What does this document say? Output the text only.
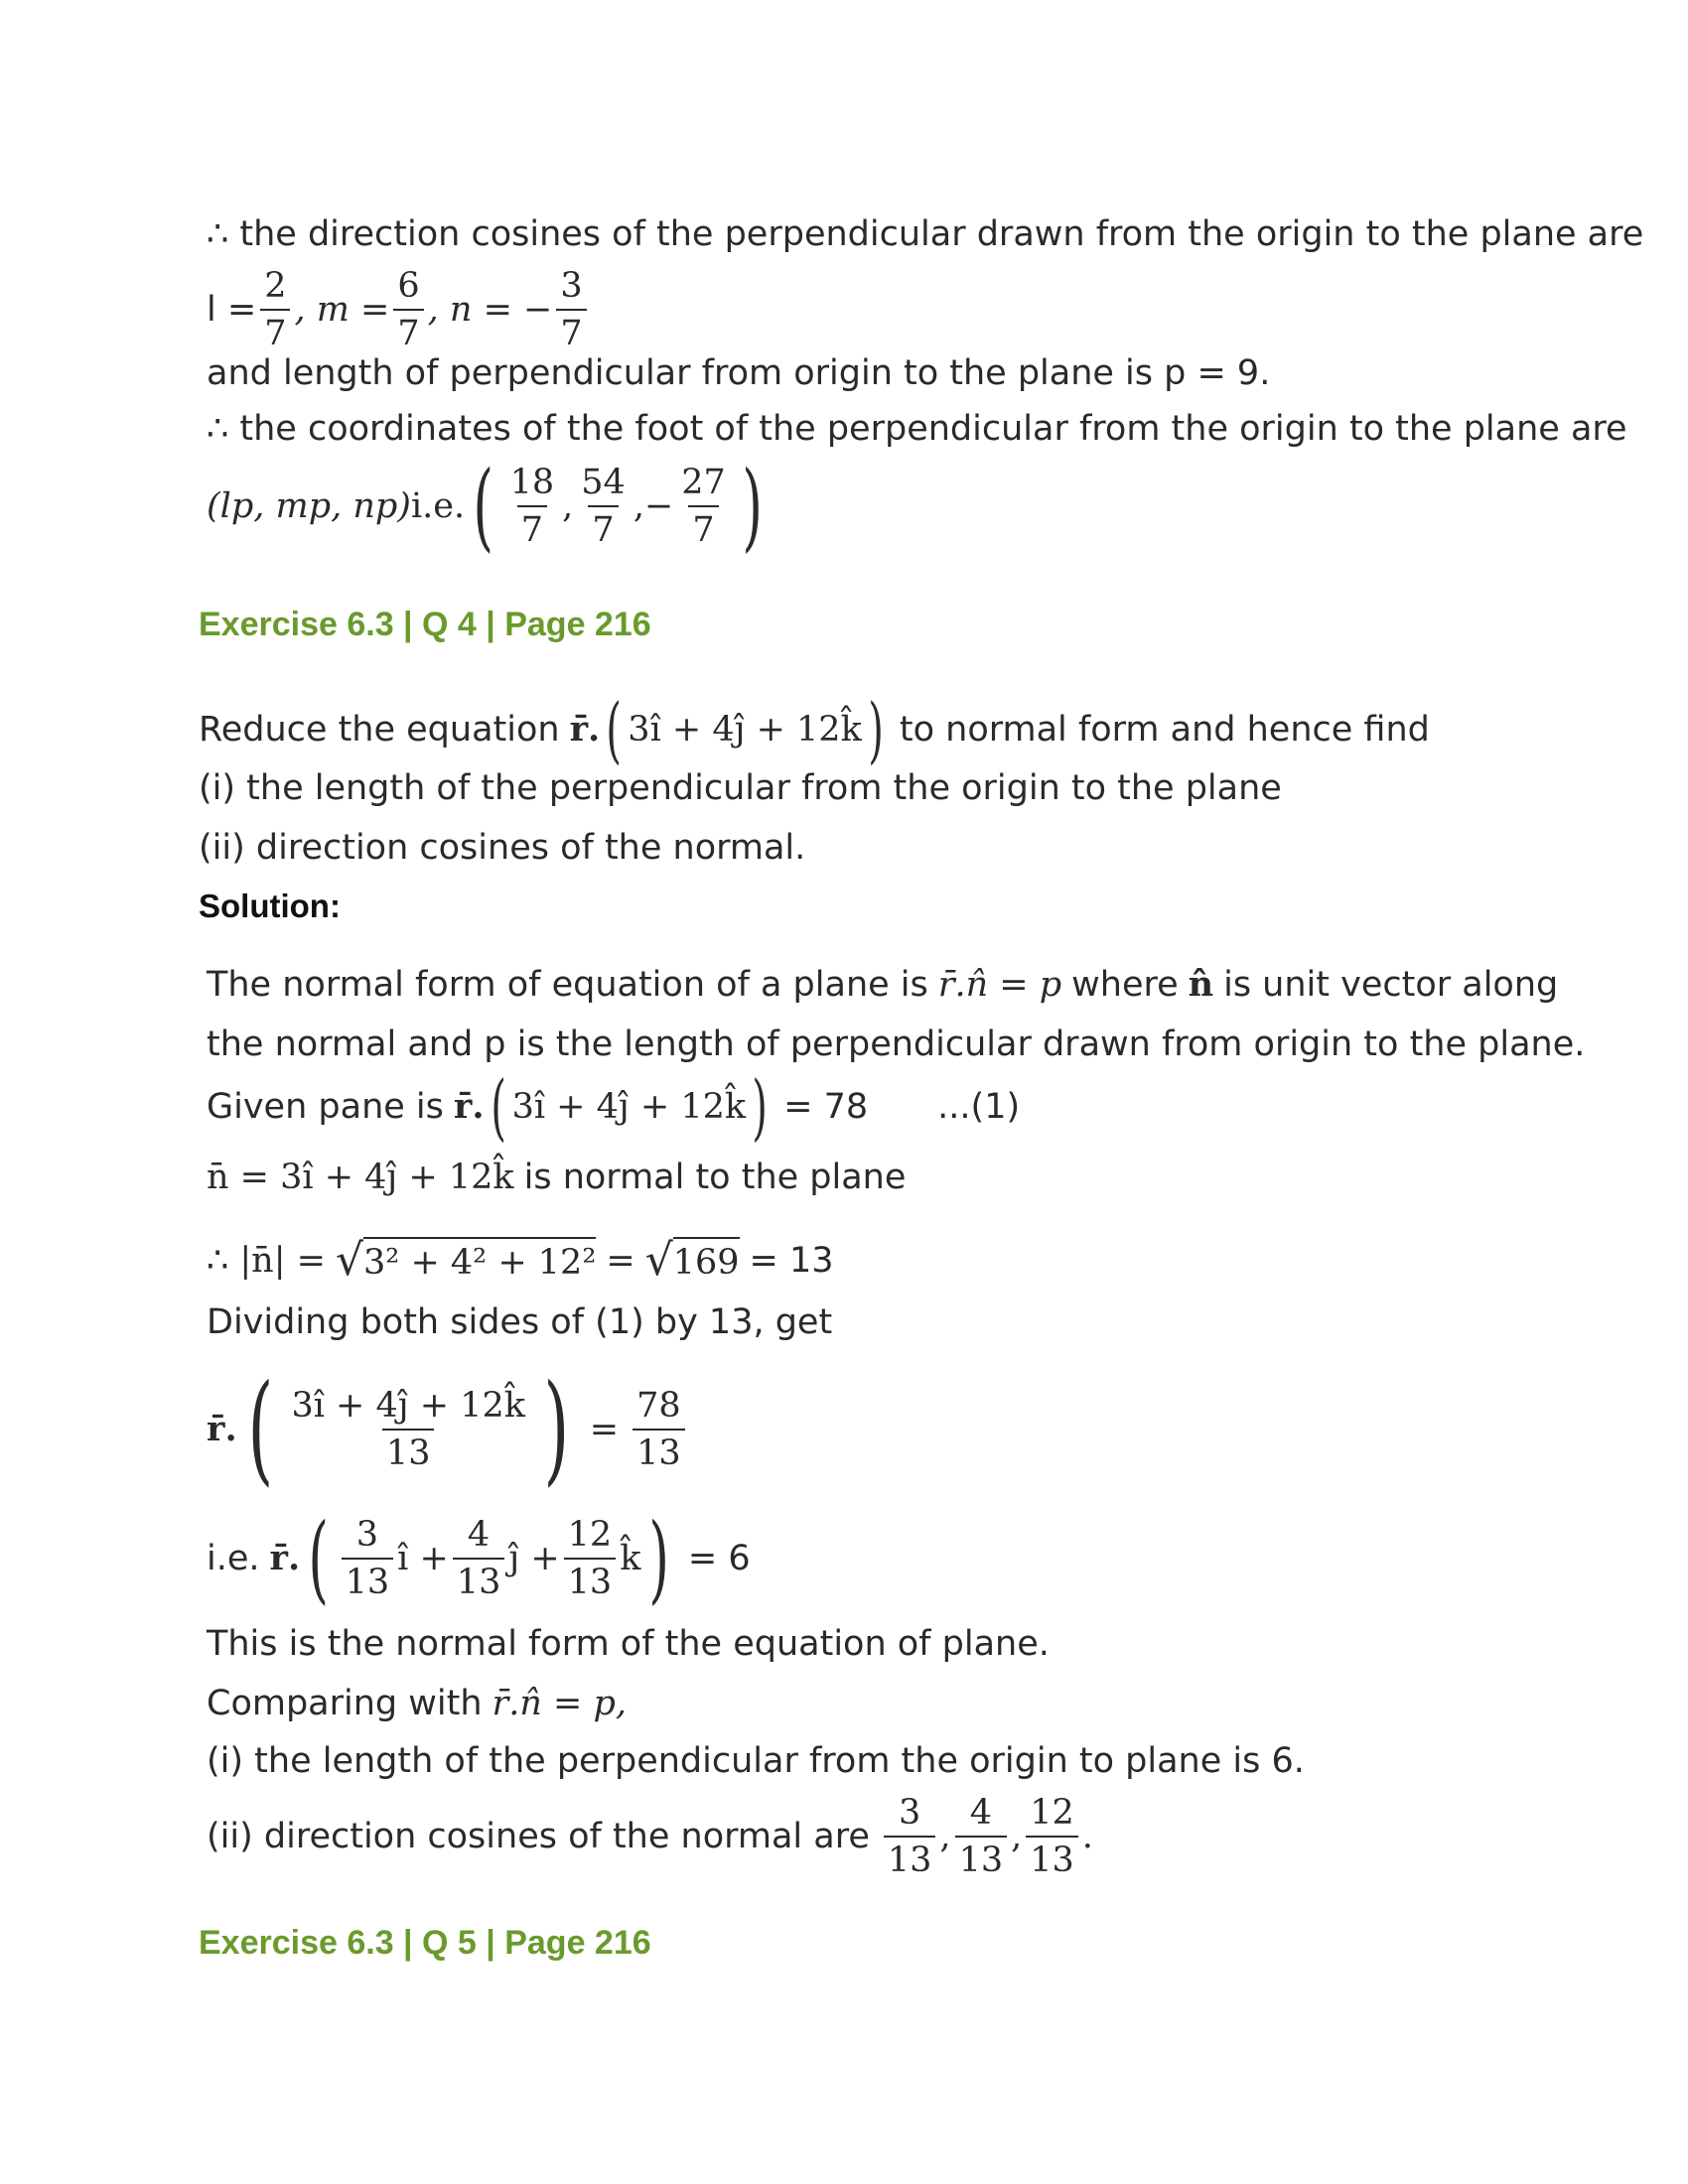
∴ the direction cosines of the perpendicular drawn from the origin to the plane are
$l = \frac{2}{7}$ , $m = \frac{6}{7}$ , n = − $\frac{3}{7}$
and length of perpendicular from origin to the plane is p = 9.
∴ the coordinates of the foot of the perpendicular from the origin to the plane are
(lp, mp, np) i.e. ( $\frac{18}{7}$ , $\frac{54}{7}$ , − $\frac{27}{7}$ )
Exercise 6.3 | Q 4 | Page 216
Reduce the equation r̄. ( 3î + 4ĵ + 12k̂ ) to normal form and hence find
(i) the length of the perpendicular from the origin to the plane
(ii) direction cosines of the normal.
Solution:
The normal form of equation of a plane is r̄.n̂ = p where n̂ is unit vector along
the normal and p is the length of perpendicular drawn from origin to the plane.
Given pane is r̄. ( 3î + 4ĵ + 12k̂ ) = 78 ...(1)
n̄ = 3î + 4ĵ + 12k̂ is normal to the plane
∴ |n̄| = √ 3² + 4² + 12² = √ 169 = 13
Dividing both sides of (1) by 13, get
r̄. ( $\frac{3î + 4ĵ + 12k̂}{13}$ ) = $\frac{78}{13}$
i.e. r̄. ( $\frac{3}{13}$ î + $\frac{4}{13}$ ĵ + $\frac{12}{13}$ k̂ ) = 6
This is the normal form of the equation of plane.
Comparing with r̄.n̂ = p,
(i) the length of the perpendicular from the origin to plane is 6.
(ii) direction cosines of the normal are $\frac{3}{13}$ , $\frac{4}{13}$ , $\frac{12}{13}$ .
Exercise 6.3 | Q 5 | Page 216
